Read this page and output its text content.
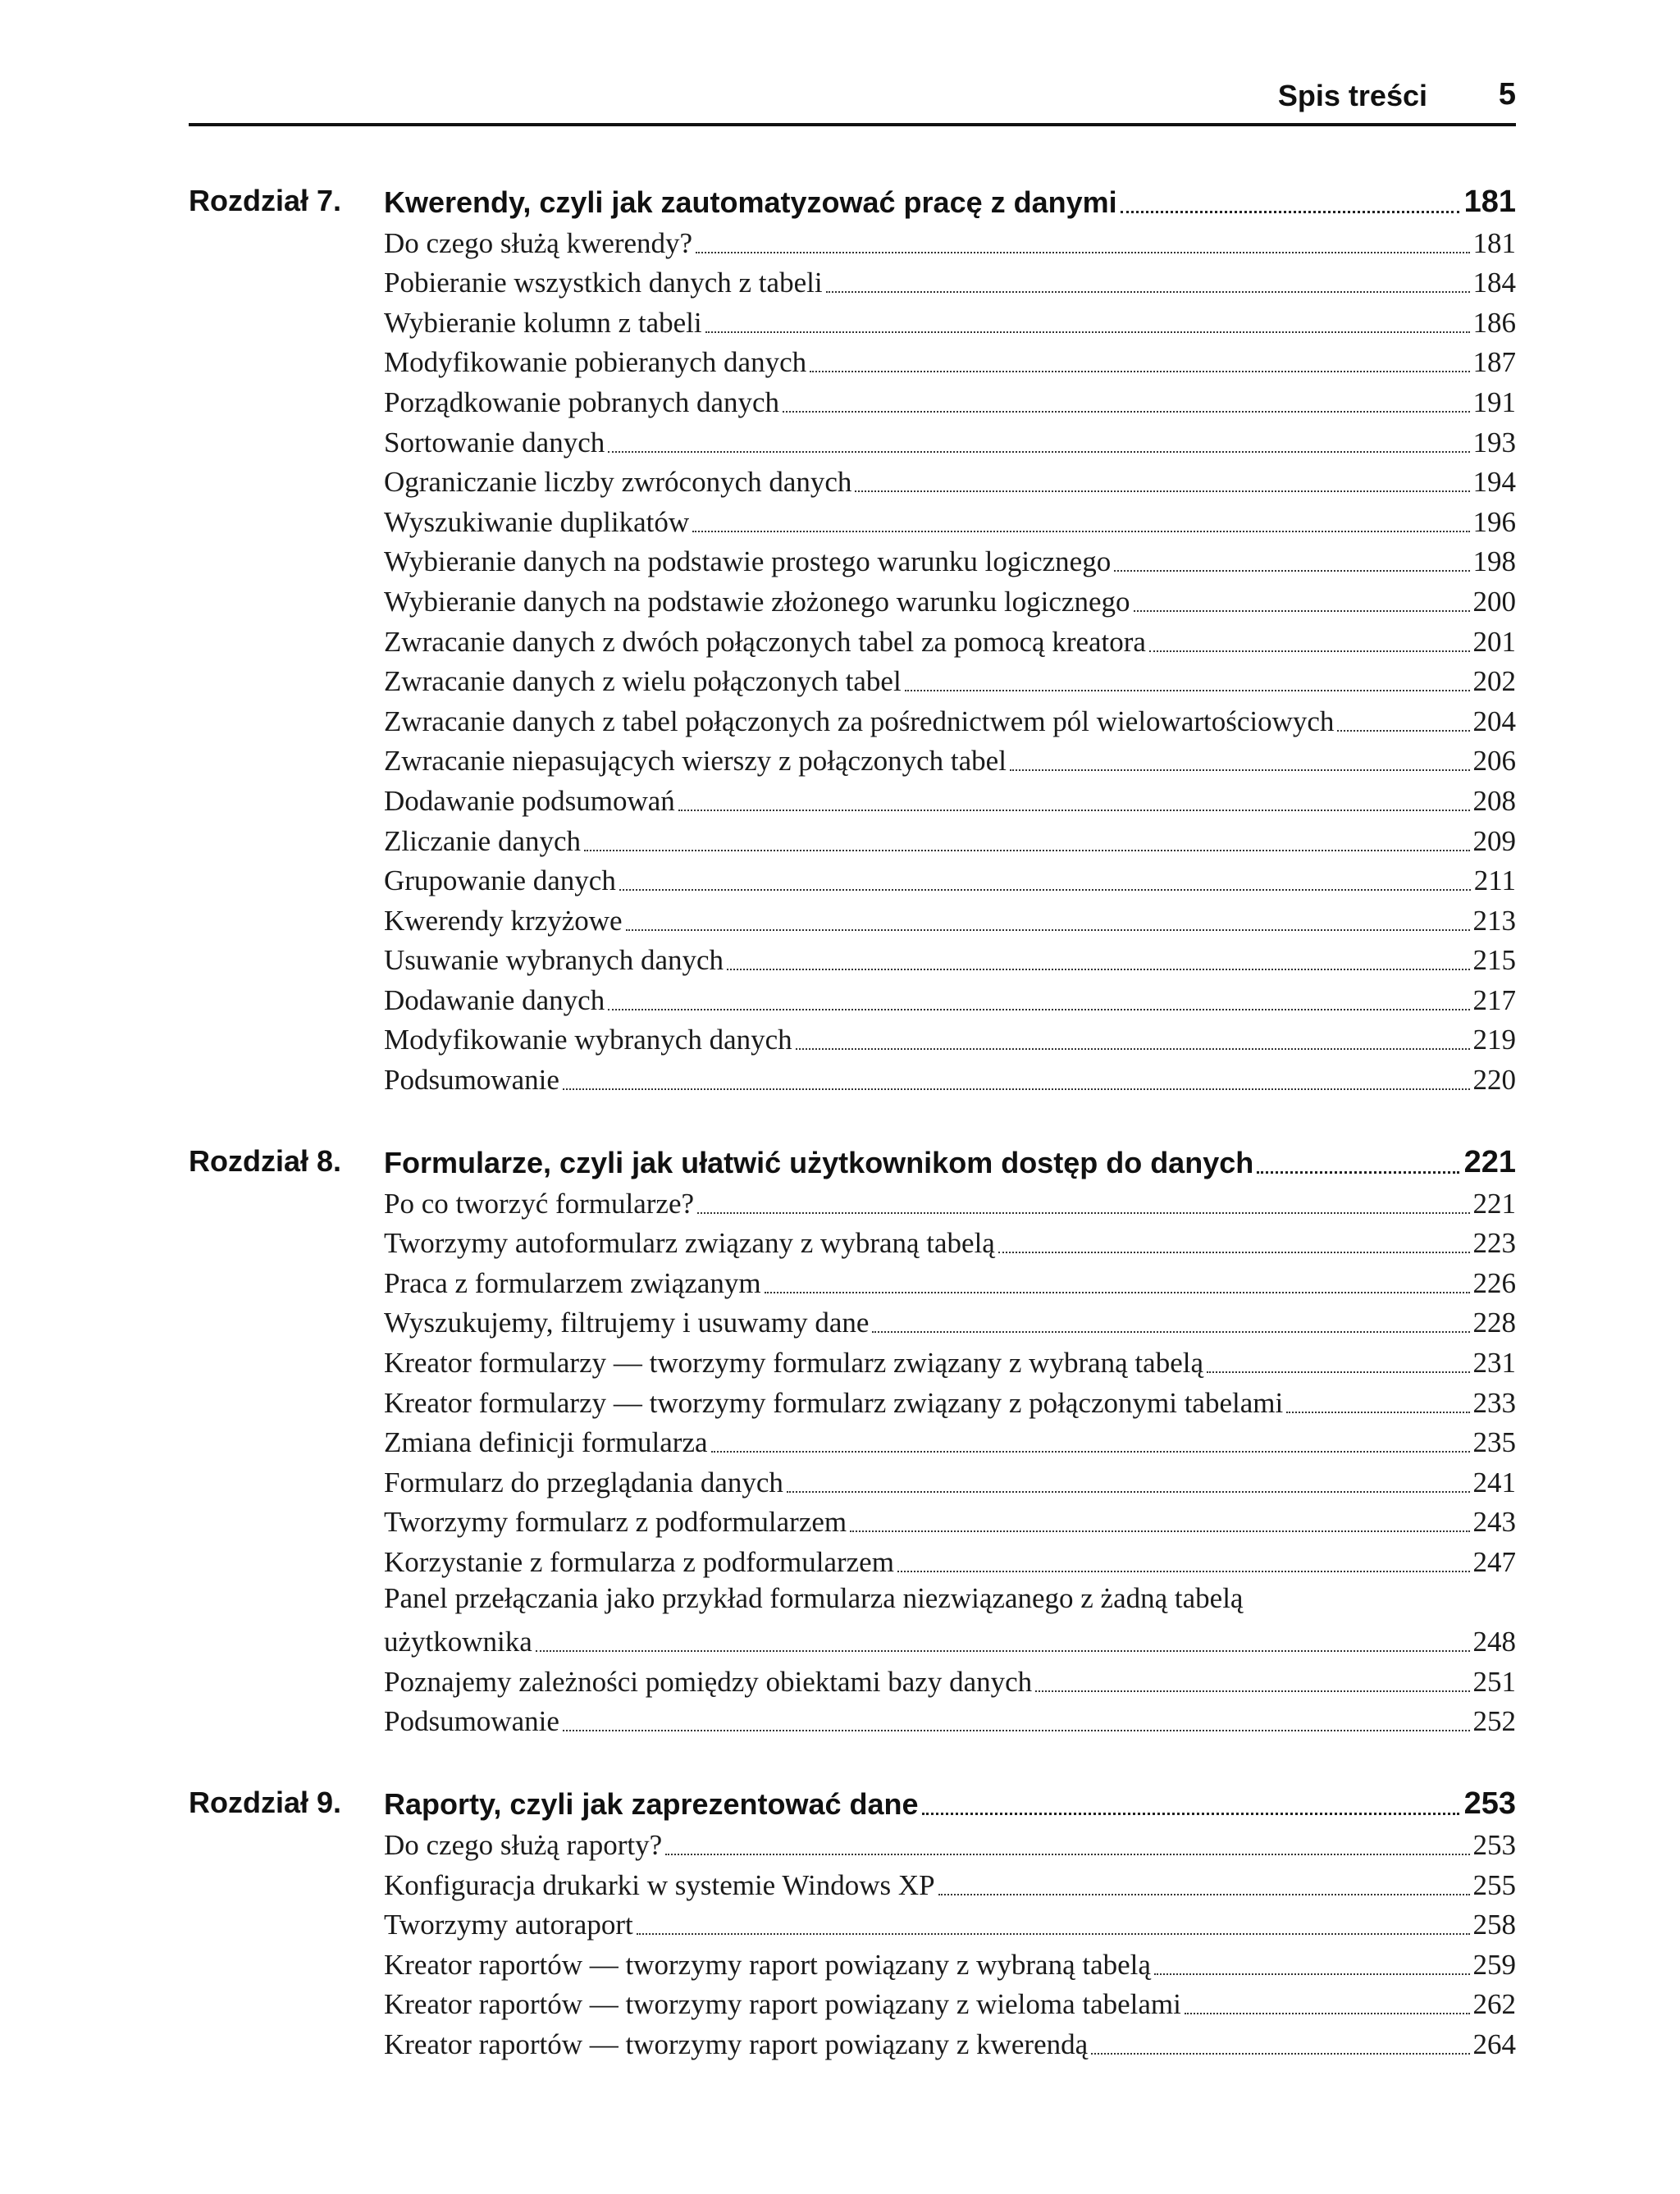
Spis treści 5
Rozdział 7.	Kwerendy, czyli jak zautomatyzować pracę z danymi	181
Do czego służą kwerendy?	181
Pobieranie wszystkich danych z tabeli	184
Wybieranie kolumn z tabeli	186
Modyfikowanie pobieranych danych	187
Porządkowanie pobranych danych	191
Sortowanie danych	193
Ograniczanie liczby zwróconych danych	194
Wyszukiwanie duplikatów	196
Wybieranie danych na podstawie prostego warunku logicznego	198
Wybieranie danych na podstawie złożonego warunku logicznego	200
Zwracanie danych z dwóch połączonych tabel za pomocą kreatora	201
Zwracanie danych z wielu połączonych tabel	202
Zwracanie danych z tabel połączonych za pośrednictwem pól wielowartościowych	204
Zwracanie niepasujących wierszy z połączonych tabel	206
Dodawanie podsumowań	208
Zliczanie danych	209
Grupowanie danych	211
Kwerendy krzyżowe	213
Usuwanie wybranych danych	215
Dodawanie danych	217
Modyfikowanie wybranych danych	219
Podsumowanie	220
Rozdział 8.	Formularze, czyli jak ułatwić użytkownikom dostęp do danych	221
Po co tworzyć formularze?	221
Tworzymy autoformularz związany z wybraną tabelą	223
Praca z formularzem związanym	226
Wyszukujemy, filtrujemy i usuwamy dane	228
Kreator formularzy — tworzymy formularz związany z wybraną tabelą	231
Kreator formularzy — tworzymy formularz związany z połączonymi tabelami	233
Zmiana definicji formularza	235
Formularz do przeglądania danych	241
Tworzymy formularz z podformularzem	243
Korzystanie z formularza z podformularzem	247
Panel przełączania jako przykład formularza niezwiązanego z żadną tabelą
użytkownika	248
Poznajemy zależności pomiędzy obiektami bazy danych	251
Podsumowanie	252
Rozdział 9.	Raporty, czyli jak zaprezentować dane	253
Do czego służą raporty?	253
Konfiguracja drukarki w systemie Windows XP	255
Tworzymy autoraport	258
Kreator raportów — tworzymy raport powiązany z wybraną tabelą	259
Kreator raportów — tworzymy raport powiązany z wieloma tabelami	262
Kreator raportów — tworzymy raport powiązany z kwerendą	264
